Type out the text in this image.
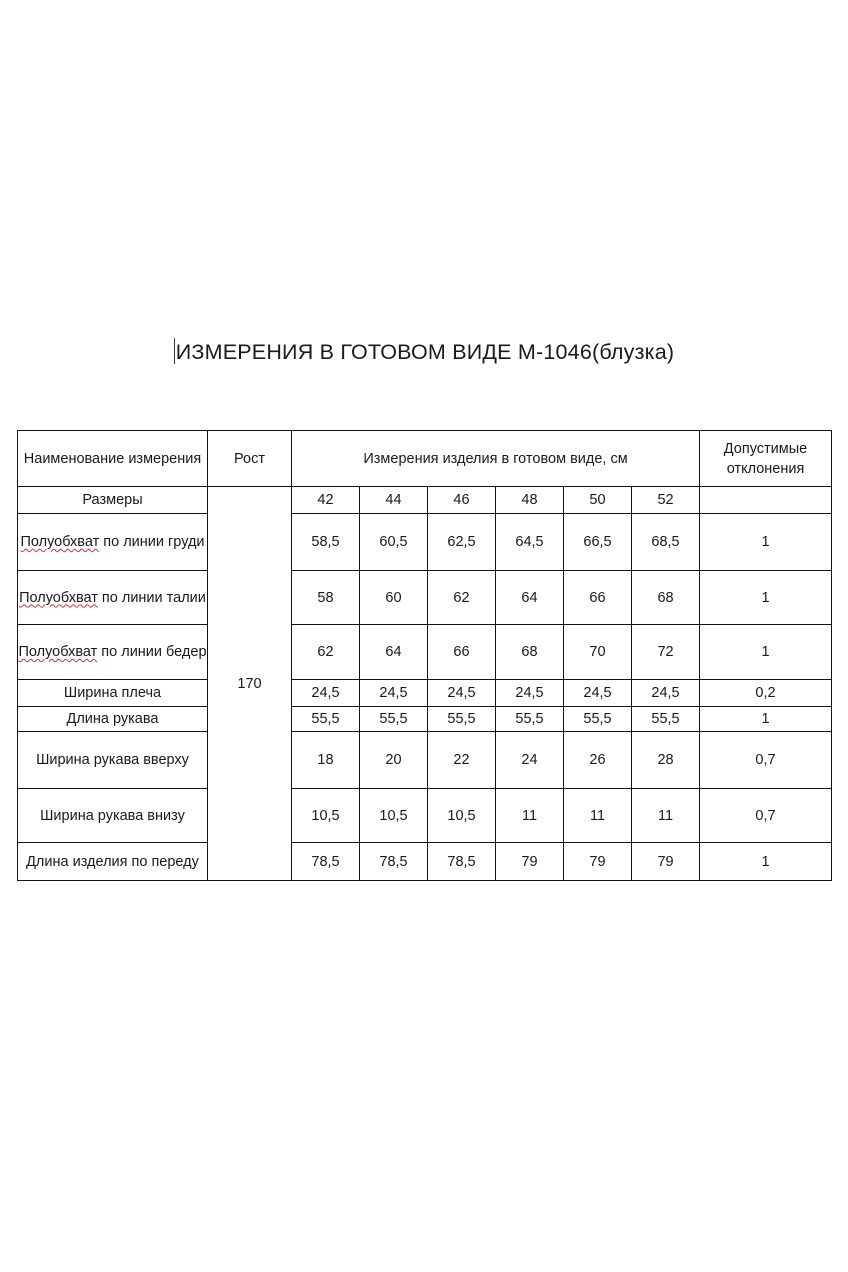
ИЗМЕРЕНИЯ В ГОТОВОМ ВИДЕ М-1046(блузка)
Наименование измерения	Рост	Измерения изделия в готовом виде, см						Допустимые отклонения
Размеры	170	42	44	46	48	50	52	
Полуобхват по линии груди		58,5	60,5	62,5	64,5	66,5	68,5	1
Полуобхват по линии талии		58	60	62	64	66	68	1
Полуобхват по линии бедер		62	64	66	68	70	72	1
Ширина плеча		24,5	24,5	24,5	24,5	24,5	24,5	0,2
Длина рукава		55,5	55,5	55,5	55,5	55,5	55,5	1
Ширина рукава вверху		18	20	22	24	26	28	0,7
Ширина рукава внизу		10,5	10,5	10,5	11	11	11	0,7
Длина изделия по переду		78,5	78,5	78,5	79	79	79	1
